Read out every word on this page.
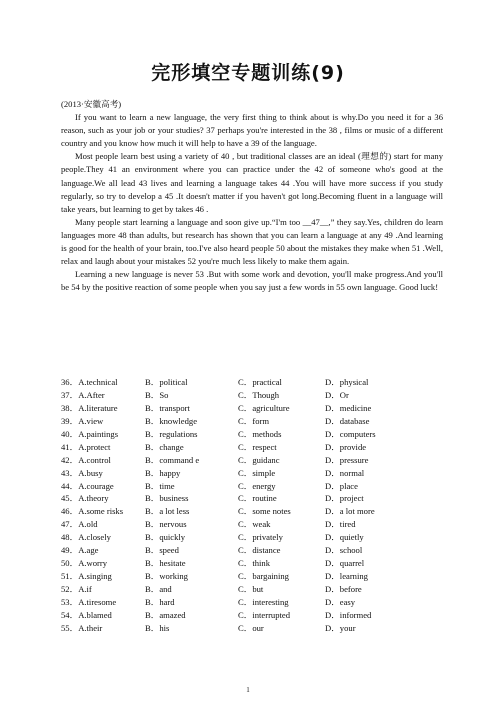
完形填空专题训练(9)

(2013·安徽高考)

If you want to learn a new language, the very first thing to think about is why.Do you need it for a 36 reason, such as your job or your studies? 37 perhaps you're interested in the 38 , films or music of a different country and you know how much it will help to have a 39 of the language.

Most people learn best using a variety of 40 , but traditional classes are an ideal (理想的) start for many people.They 41 an environment where you can practice under the 42 of someone who's good at the language.We all lead 43 lives and learning a language takes 44 .You will have more success if you study regularly, so try to develop a 45 .It doesn't matter if you haven't got long.Becoming fluent in a language will take years, but learning to get by takes 46 .

Many people start learning a language and soon give up.“I'm too __47__,” they say.Yes, children do learn languages more 48 than adults, but research has shown that you can learn a language at any 49 .And learning is good for the health of your brain, too.I've also heard people 50 about the mistakes they make when 51 .Well, relax and laugh about your mistakes 52 you're much less likely to make them again.

Learning a new language is never 53 .But with some work and devotion, you'll make progress.And you'll be 54 by the positive reaction of some people when you say just a few words in 55 own language. Good luck!

36．A.technical	B．political	C．practical	D．physical
37．A.After	B．So	C．Though	D．Or
38．A.literature	B．transport	C．agriculture	D．medicine
39．A.view	B．knowledge	C．form	D．database
40．A.paintings	B．regulations	C．methods	D．computers
41．A.protect	B．change	C．respect	D．provide
42．A.control	B．command e	C．guidanc	D．pressure
43．A.busy	B．happy	C．simple	D．normal
44．A.courage	B．time	C．energy	D．place
45．A.theory	B．business	C．routine	D．project
46．A.some risks	B．a lot less	C．some notes	D．a lot more
47．A.old	B．nervous	C．weak	D．tired
48．A.closely	B．quickly	C．privately	D．quietly
49．A.age	B．speed	C．distance	D．school
50．A.worry	B．hesitate	C．think	D．quarrel
51．A.singing	B．working	C．bargaining	D．learning
52．A.if	B．and	C．but	D．before
53．A.tiresome	B．hard	C．interesting	D．easy
54．A.blamed	B．amazed	C．interrupted	D．informed
55．A.their	B．his	C．our	D．your
1
